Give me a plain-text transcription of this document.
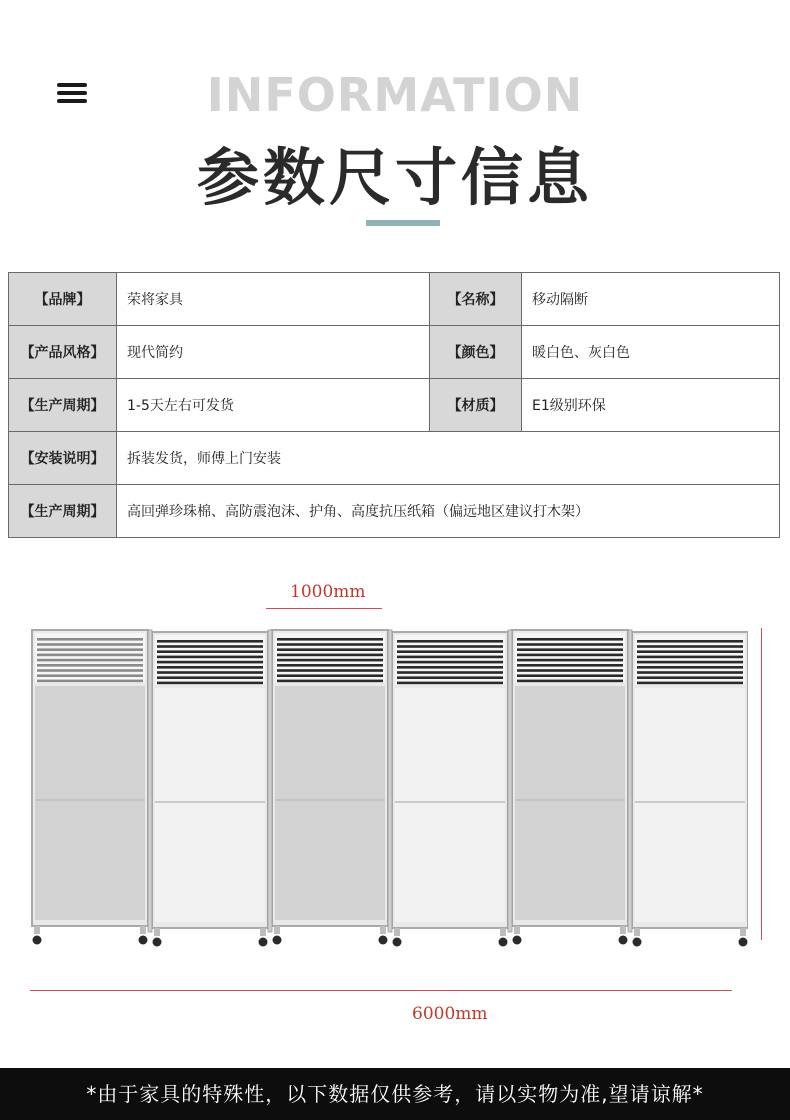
INFORMATION
参数尺寸信息
【品牌】	荣将家具	【名称】	移动隔断
【产品风格】	现代简约	【颜色】	暖白色、灰白色
【生产周期】	1-5天左右可发货	【材质】	E1级别环保
【安装说明】	拆装发货，师傅上门安装		
【生产周期】	高回弹珍珠棉、高防震泡沫、护角、高度抗压纸箱（偏远地区建议打木架）		
1000mm
6000mm
*由于家具的特殊性，以下数据仅供参考，请以实物为准,望请谅解*
